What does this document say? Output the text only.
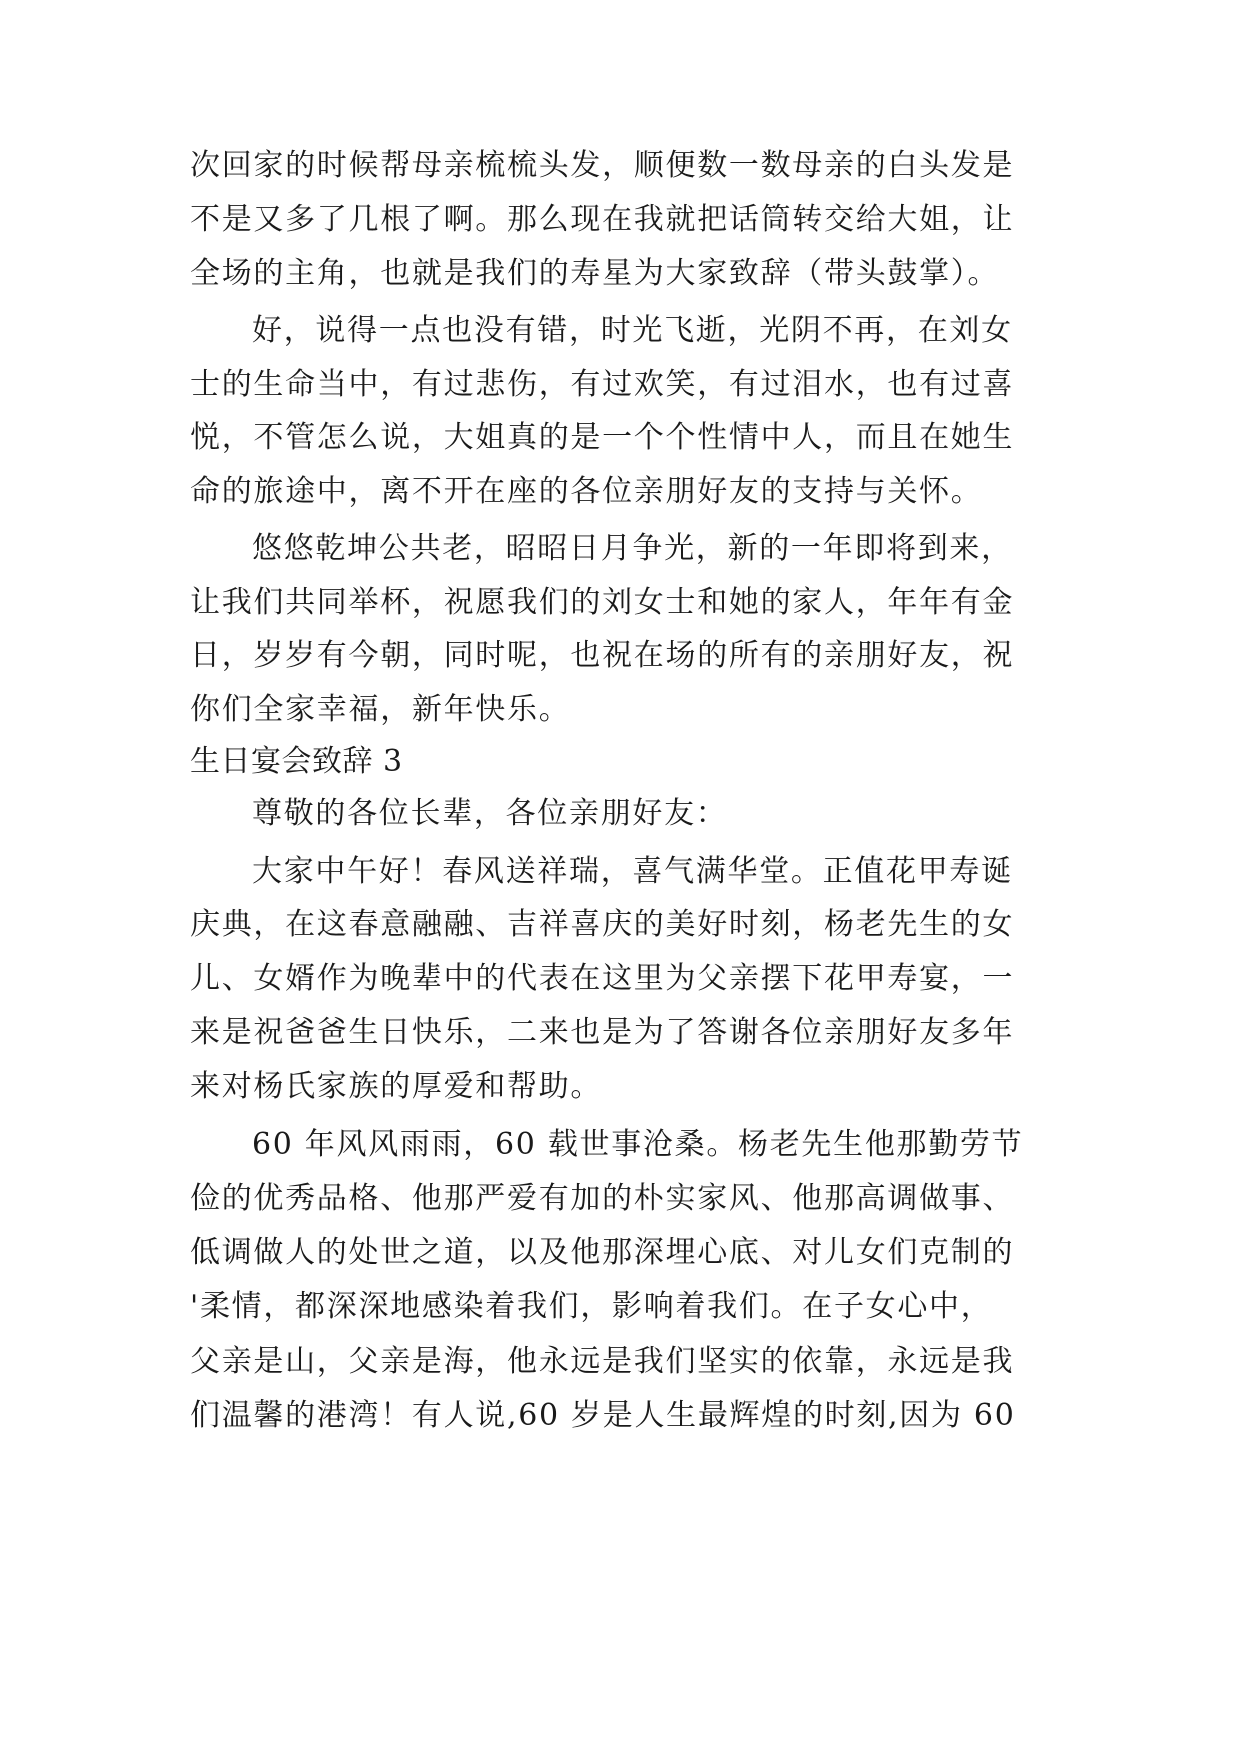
次回家的时候帮母亲梳梳头发，顺便数一数母亲的白头发是
不是又多了几根了啊。那么现在我就把话筒转交给大姐，让
全场的主角，也就是我们的寿星为大家致辞（带头鼓掌）。
好，说得一点也没有错，时光飞逝，光阴不再，在刘女
士的生命当中，有过悲伤，有过欢笑，有过泪水，也有过喜
悦，不管怎么说，大姐真的是一个个性情中人，而且在她生
命的旅途中，离不开在座的各位亲朋好友的支持与关怀。
悠悠乾坤公共老，昭昭日月争光，新的一年即将到来，
让我们共同举杯，祝愿我们的刘女士和她的家人，年年有金
日，岁岁有今朝，同时呢，也祝在场的所有的亲朋好友，祝
你们全家幸福，新年快乐。
生日宴会致辞 3
尊敬的各位长辈，各位亲朋好友：
大家中午好！春风送祥瑞，喜气满华堂。正值花甲寿诞
庆典，在这春意融融、吉祥喜庆的美好时刻，杨老先生的女
儿、女婿作为晚辈中的代表在这里为父亲摆下花甲寿宴，一
来是祝爸爸生日快乐，二来也是为了答谢各位亲朋好友多年
来对杨氏家族的厚爱和帮助。
60 年风风雨雨，60 载世事沧桑。杨老先生他那勤劳节
俭的优秀品格、他那严爱有加的朴实家风、他那高调做事、
低调做人的处世之道，以及他那深埋心底、对儿女们克制的
'柔情，都深深地感染着我们，影响着我们。在子女心中，
父亲是山，父亲是海，他永远是我们坚实的依靠，永远是我
们温馨的港湾！有人说,60 岁是人生最辉煌的时刻,因为 60
